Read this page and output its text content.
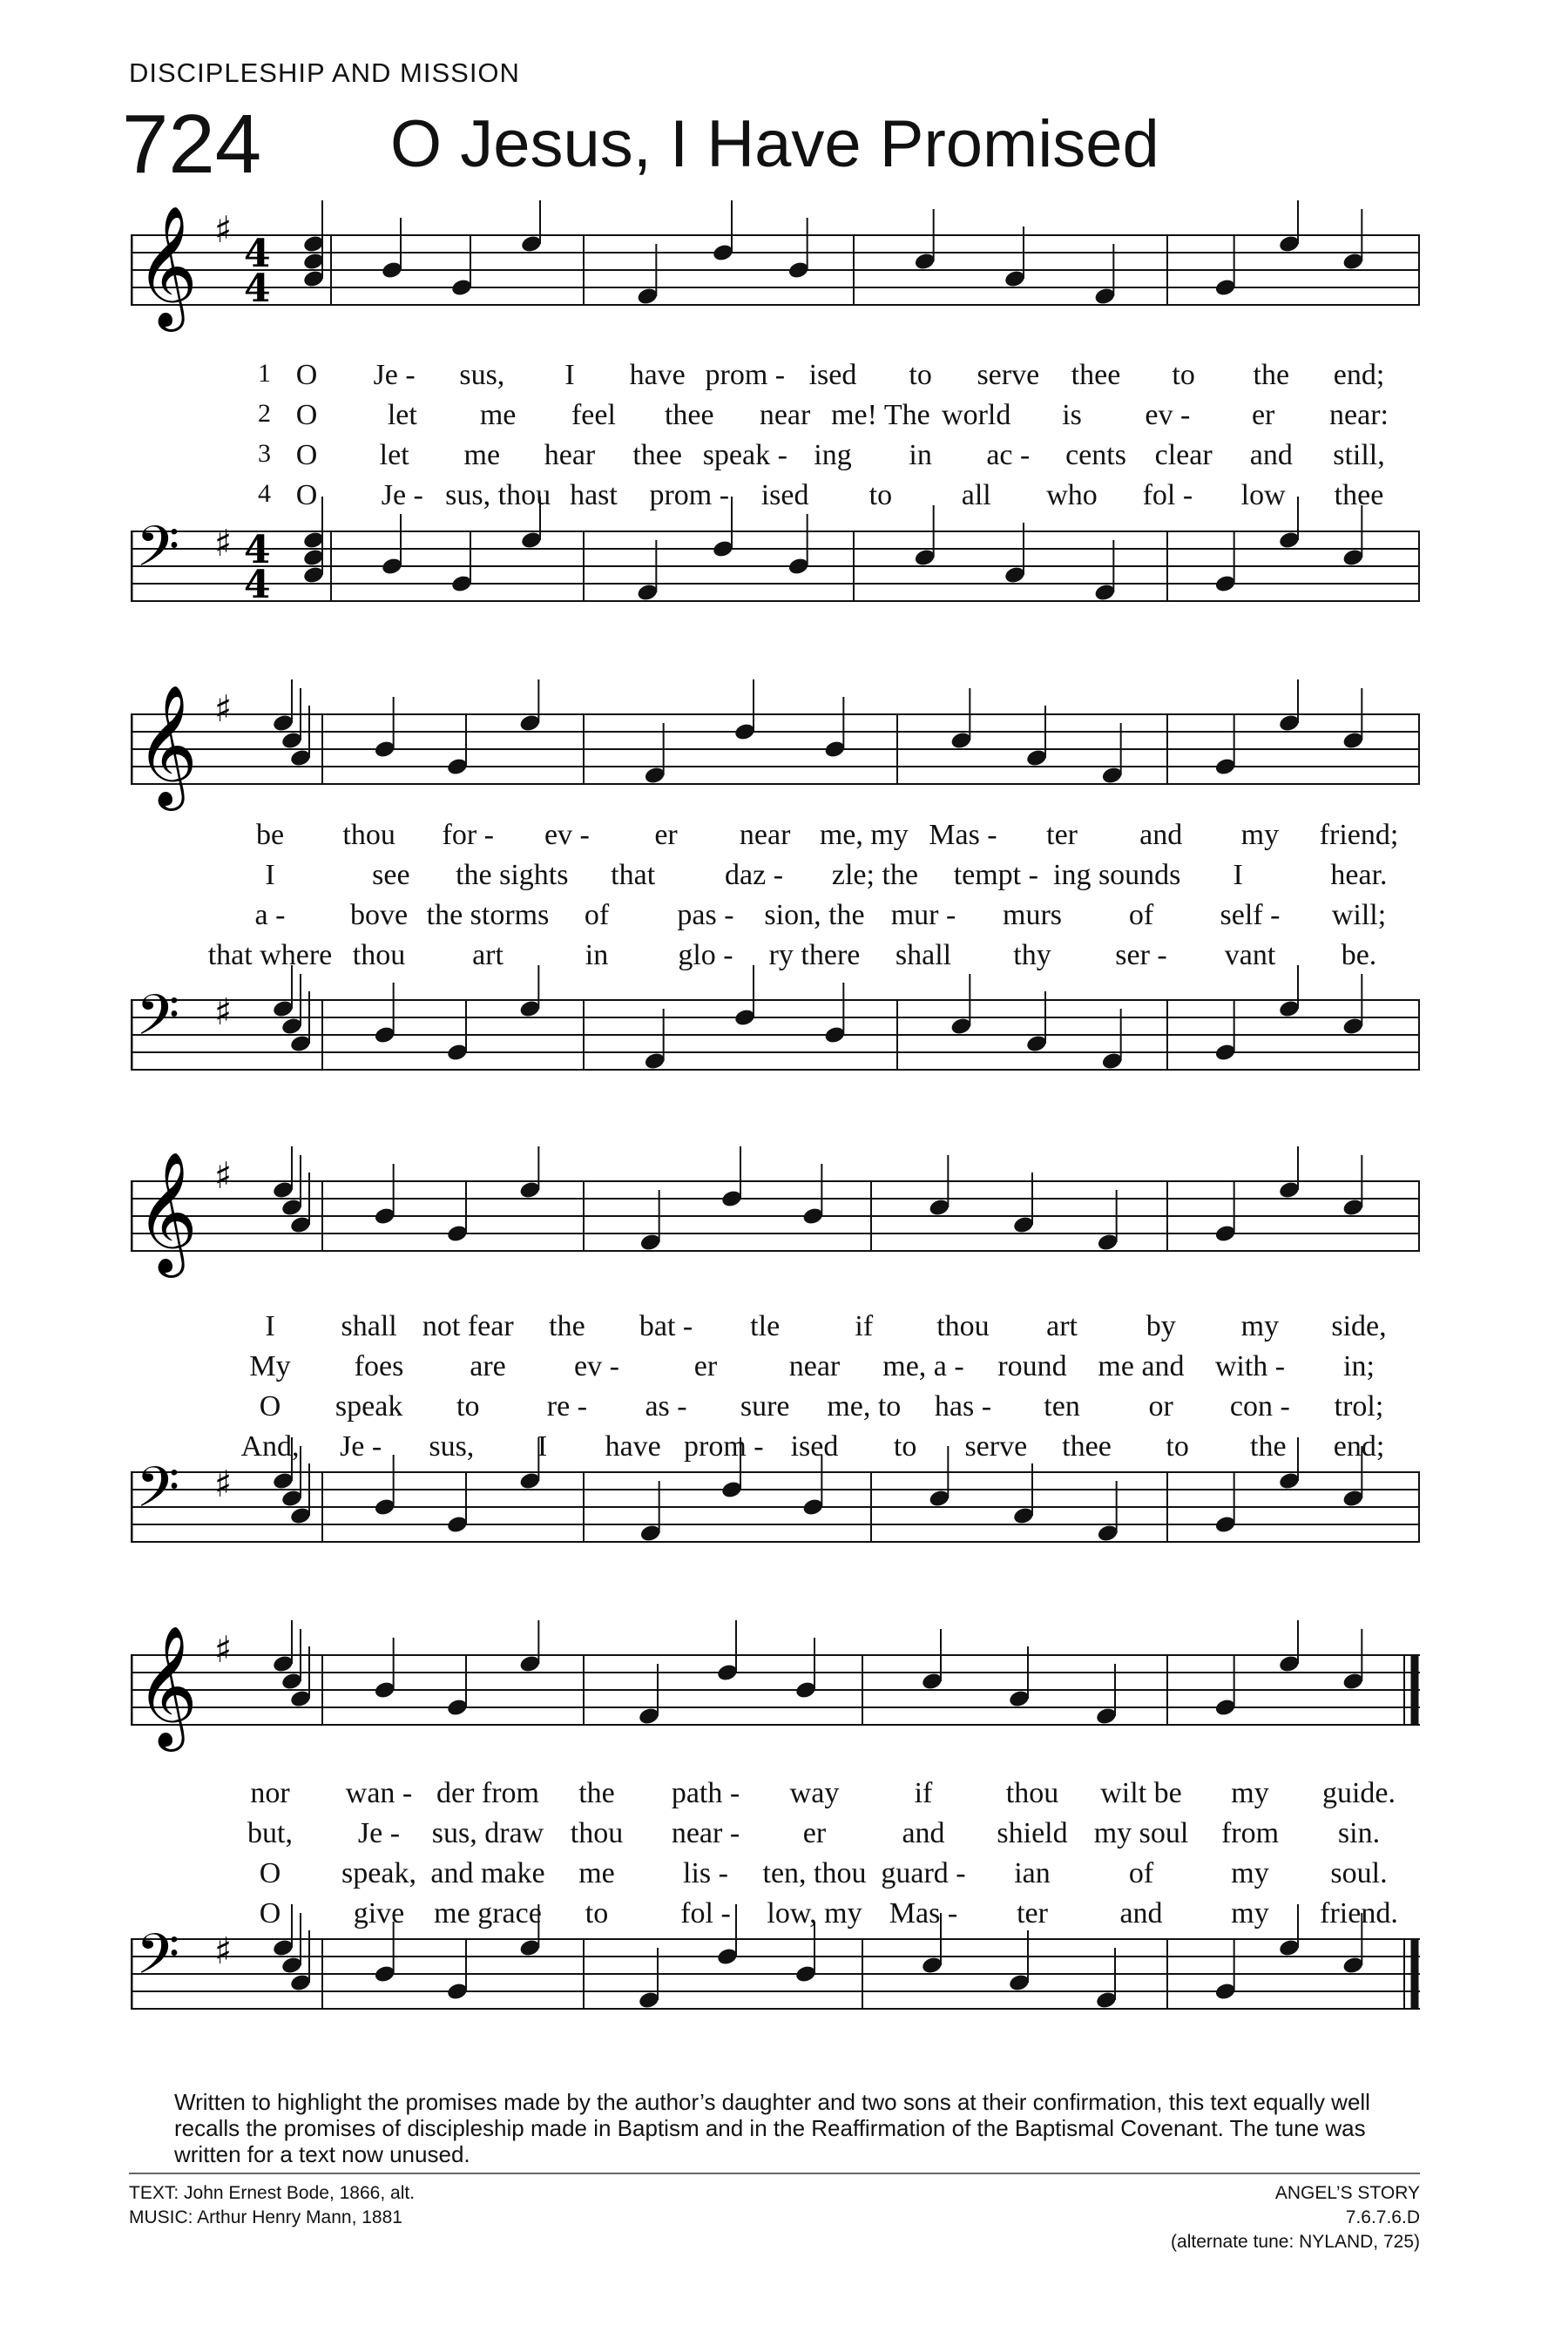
DISCIPLESHIP AND MISSION
724 O Jesus, I Have Promised
𝄞 ♯
4
4
1 O Je - sus, I have prom - ised to serve thee to the end;
2 O let me feel thee near me! The world is ev - er near:
3 O let me hear thee speak - ing in ac - cents clear and still,
4 O Je - sus, thou hast prom - ised to all who fol - low thee
𝄢 ♯ 4
4
𝄞 ♯
be thou for - ev - er near me, my Mas - ter and my friend;
I	see the sights that daz - zle; the tempt - ing sounds I	hear.
a - bove the storms of pas - sion, the mur - murs of self - will;
that where thou art	in glo - ry there shall thy ser - vant be.
𝄢 ♯
𝄞 ♯
I shall not fear the bat - tle	if thou art by my side,
My foes are ev -	er near me, a - round me and with - in;
O speak to re - as - sure me, to has - ten or con - trol;
And, Je - sus, I have prom - ised to serve thee to the end;
𝄢 ♯
𝄞 ♯
nor wan - der from the path - way	if thou wilt be my guide.
but, Je - sus, draw thou near - er	and shield my soul from sin.
O speak, and make me lis - ten, thou guard - ian	of	my soul.
O give me grace to fol - low, my Mas - ter and my friend.
𝄢 ♯
Written to highlight the promises made by the author’s daughter and two sons at their confirmation, this text equally well recalls the promises of discipleship made in Baptism and in the Reaffirmation of the Baptismal Covenant. The tune was written for a text now unused.
TEXT: John Ernest Bode, 1866, alt.
MUSIC: Arthur Henry Mann, 1881
ANGEL’S STORY
7.6.7.6.D
(alternate tune: NYLAND, 725)
